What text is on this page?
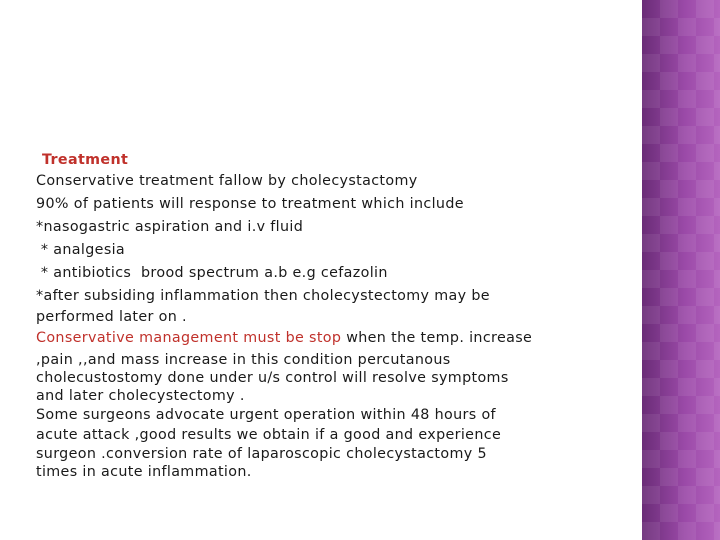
Treatment
Conservative treatment fallow by cholecystactomy
90% of patients will response to treatment which include
*nasogastric aspiration and i.v fluid
* analgesia
* antibiotics  brood spectrum a.b e.g cefazolin
*after subsiding inflammation then cholecystectomy may be
performed later on .
Conservative management must be stop when the temp. increase
,pain ,,and mass increase in this condition percutanous
cholecustostomy done under u/s control will resolve symptoms
and later cholecystectomy .
Some surgeons advocate urgent operation within 48 hours of
acute attack ,good results we obtain if a good and experience
surgeon .conversion rate of laparoscopic cholecystactomy 5
times in acute inflammation.
